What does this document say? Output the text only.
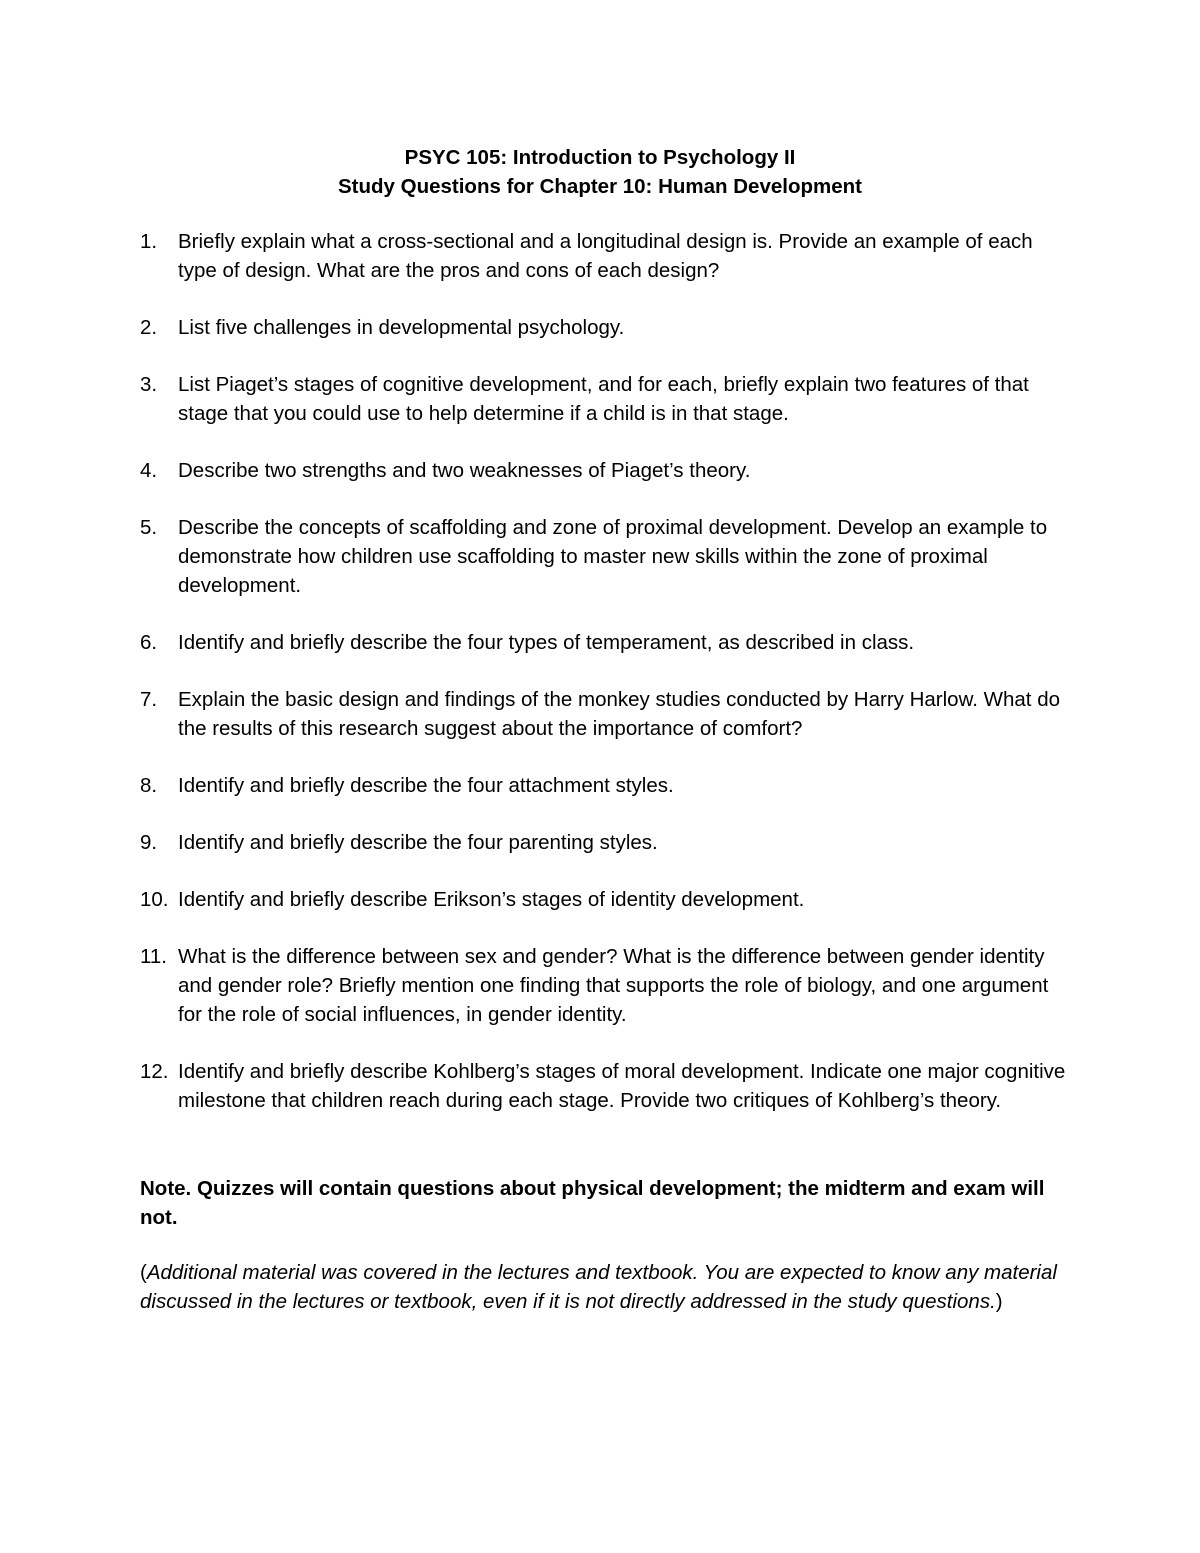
PSYC 105: Introduction to Psychology II
Study Questions for Chapter 10: Human Development
1. Briefly explain what a cross-sectional and a longitudinal design is. Provide an example of each type of design. What are the pros and cons of each design?
2. List five challenges in developmental psychology.
3. List Piaget’s stages of cognitive development, and for each, briefly explain two features of that stage that you could use to help determine if a child is in that stage.
4. Describe two strengths and two weaknesses of Piaget’s theory.
5. Describe the concepts of scaffolding and zone of proximal development. Develop an example to demonstrate how children use scaffolding to master new skills within the zone of proximal development.
6. Identify and briefly describe the four types of temperament, as described in class.
7. Explain the basic design and findings of the monkey studies conducted by Harry Harlow. What do the results of this research suggest about the importance of comfort?
8. Identify and briefly describe the four attachment styles.
9. Identify and briefly describe the four parenting styles.
10. Identify and briefly describe Erikson’s stages of identity development.
11. What is the difference between sex and gender? What is the difference between gender identity and gender role? Briefly mention one finding that supports the role of biology, and one argument for the role of social influences, in gender identity.
12. Identify and briefly describe Kohlberg’s stages of moral development. Indicate one major cognitive milestone that children reach during each stage. Provide two critiques of Kohlberg’s theory.
Note. Quizzes will contain questions about physical development; the midterm and exam will not.
(Additional material was covered in the lectures and textbook. You are expected to know any material discussed in the lectures or textbook, even if it is not directly addressed in the study questions.)
